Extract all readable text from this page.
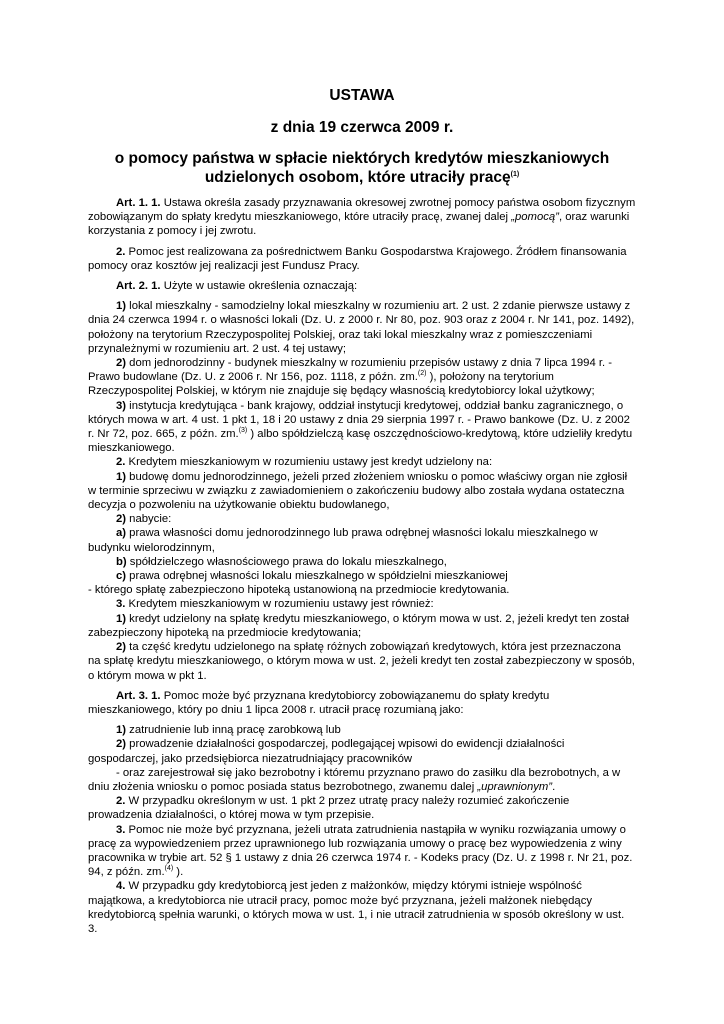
USTAWA
z dnia 19 czerwca 2009 r.
o pomocy państwa w spłacie niektórych kredytów mieszkaniowych udzielonych osobom, które utraciły pracę$^{(1)}$

Art. 1. 1. Ustawa określa zasady przyznawania okresowej zwrotnej pomocy państwa osobom fizycznym zobowiązanym do spłaty kredytu mieszkaniowego, które utraciły pracę, zwanej dalej „pomocą”, oraz warunki korzystania z pomocy i jej zwrotu.

2. Pomoc jest realizowana za pośrednictwem Banku Gospodarstwa Krajowego. Źródłem finansowania pomocy oraz kosztów jej realizacji jest Fundusz Pracy.

Art. 2. 1. Użyte w ustawie określenia oznaczają:

1) lokal mieszkalny - samodzielny lokal mieszkalny w rozumieniu art. 2 ust. 2 zdanie pierwsze ustawy z dnia 24 czerwca 1994 r. o własności lokali (Dz. U. z 2000 r. Nr 80, poz. 903 oraz z 2004 r. Nr 141, poz. 1492), położony na terytorium Rzeczypospolitej Polskiej, oraz taki lokal mieszkalny wraz z pomieszczeniami przynależnymi w rozumieniu art. 2 ust. 4 tej ustawy;

2) dom jednorodzinny - budynek mieszkalny w rozumieniu przepisów ustawy z dnia 7 lipca 1994 r. - Prawo budowlane (Dz. U. z 2006 r. Nr 156, poz. 1118, z późn. zm.$^{(2)}$ ), położony na terytorium Rzeczypospolitej Polskiej, w którym nie znajduje się będący własnością kredytobiorcy lokal użytkowy;

3) instytucja kredytująca - bank krajowy, oddział instytucji kredytowej, oddział banku zagranicznego, o których mowa w art. 4 ust. 1 pkt 1, 18 i 20 ustawy z dnia 29 sierpnia 1997 r. - Prawo bankowe (Dz. U. z 2002 r. Nr 72, poz. 665, z późn. zm.$^{(3)}$ ) albo spółdzielczą kasę oszczędnościowo-kredytową, które udzieliły kredytu mieszkaniowego.

2. Kredytem mieszkaniowym w rozumieniu ustawy jest kredyt udzielony na:

1) budowę domu jednorodzinnego, jeżeli przed złożeniem wniosku o pomoc właściwy organ nie zgłosił w terminie sprzeciwu w związku z zawiadomieniem o zakończeniu budowy albo została wydana ostateczna decyzja o pozwoleniu na użytkowanie obiektu budowlanego,

2) nabycie:

a) prawa własności domu jednorodzinnego lub prawa odrębnej własności lokalu mieszkalnego w budynku wielorodzinnym,

b) spółdzielczego własnościowego prawa do lokalu mieszkalnego,

c) prawa odrębnej własności lokalu mieszkalnego w spółdzielni mieszkaniowej

- którego spłatę zabezpieczono hipoteką ustanowioną na przedmiocie kredytowania.

3. Kredytem mieszkaniowym w rozumieniu ustawy jest również:

1) kredyt udzielony na spłatę kredytu mieszkaniowego, o którym mowa w ust. 2, jeżeli kredyt ten został zabezpieczony hipoteką na przedmiocie kredytowania;

2) ta część kredytu udzielonego na spłatę różnych zobowiązań kredytowych, która jest przeznaczona na spłatę kredytu mieszkaniowego, o którym mowa w ust. 2, jeżeli kredyt ten został zabezpieczony w sposób, o którym mowa w pkt 1.

Art. 3. 1. Pomoc może być przyznana kredytobiorcy zobowiązanemu do spłaty kredytu mieszkaniowego, który po dniu 1 lipca 2008 r. utracił pracę rozumianą jako:

1) zatrudnienie lub inną pracę zarobkową lub

2) prowadzenie działalności gospodarczej, podlegającej wpisowi do ewidencji działalności gospodarczej, jako przedsiębiorca niezatrudniający pracowników

- oraz zarejestrował się jako bezrobotny i któremu przyznano prawo do zasiłku dla bezrobotnych, a w dniu złożenia wniosku o pomoc posiada status bezrobotnego, zwanemu dalej „uprawnionym”.

2. W przypadku określonym w ust. 1 pkt 2 przez utratę pracy należy rozumieć zakończenie prowadzenia działalności, o której mowa w tym przepisie.

3. Pomoc nie może być przyznana, jeżeli utrata zatrudnienia nastąpiła w wyniku rozwiązania umowy o pracę za wypowiedzeniem przez uprawnionego lub rozwiązania umowy o pracę bez wypowiedzenia z winy pracownika w trybie art. 52 § 1 ustawy z dnia 26 czerwca 1974 r. - Kodeks pracy (Dz. U. z 1998 r. Nr 21, poz. 94, z późn. zm.$^{(4)}$ ).

4. W przypadku gdy kredytobiorcą jest jeden z małżonków, między którymi istnieje wspólność majątkowa, a kredytobiorca nie utracił pracy, pomoc może być przyznana, jeżeli małżonek niebędący kredytobiorcą spełnia warunki, o których mowa w ust. 1, i nie utracił zatrudnienia w sposób określony w ust. 3.
